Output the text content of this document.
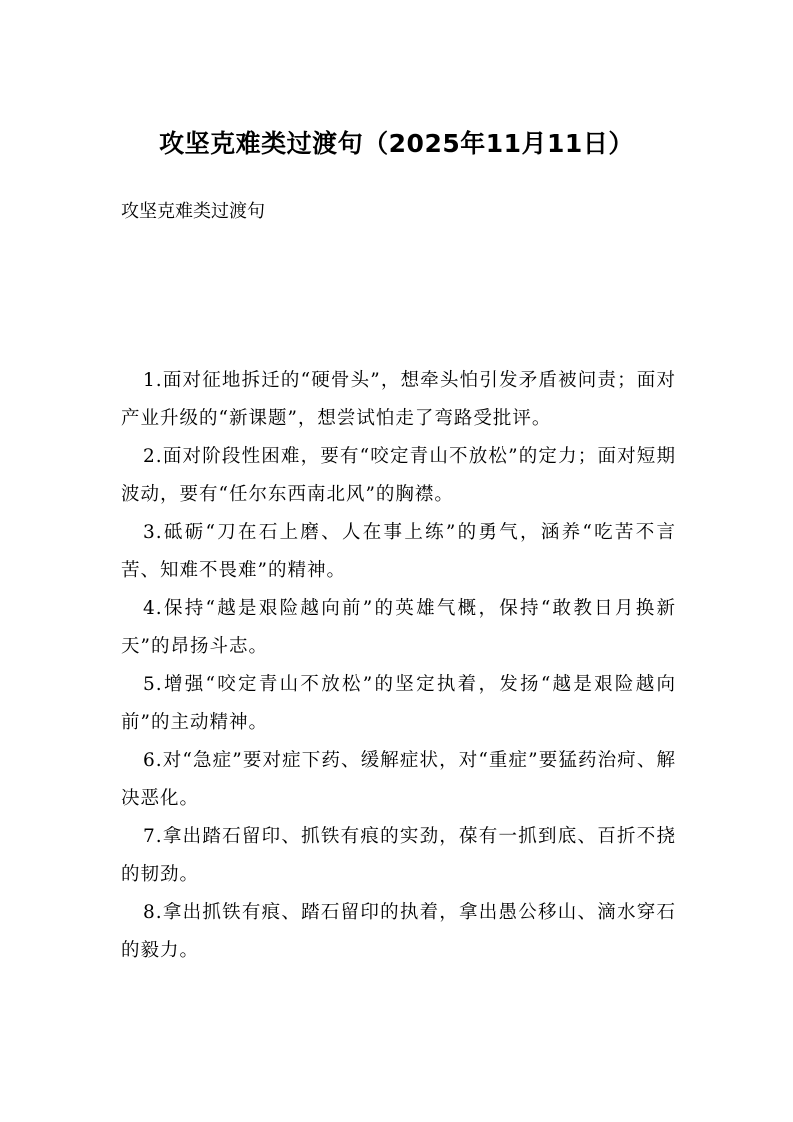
攻坚克难类过渡句（2025年11月11日）

攻坚克难类过渡句

1.面对征地拆迁的“硬骨头”，想牵头怕引发矛盾被问责；面对产业升级的“新课题”，想尝试怕走了弯路受批评。

2.面对阶段性困难，要有“咬定青山不放松”的定力；面对短期波动，要有“任尔东西南北风”的胸襟。

3.砥砺“刀在石上磨、人在事上练”的勇气，涵养“吃苦不言苦、知难不畏难”的精神。

4.保持“越是艰险越向前”的英雄气概，保持“敢教日月换新天”的昂扬斗志。

5.增强“咬定青山不放松”的坚定执着，发扬“越是艰险越向前”的主动精神。

6.对“急症”要对症下药、缓解症状，对“重症”要猛药治疴、解决恶化。

7.拿出踏石留印、抓铁有痕的实劲，葆有一抓到底、百折不挠的韧劲。

8.拿出抓铁有痕、踏石留印的执着，拿出愚公移山、滴水穿石的毅力。
